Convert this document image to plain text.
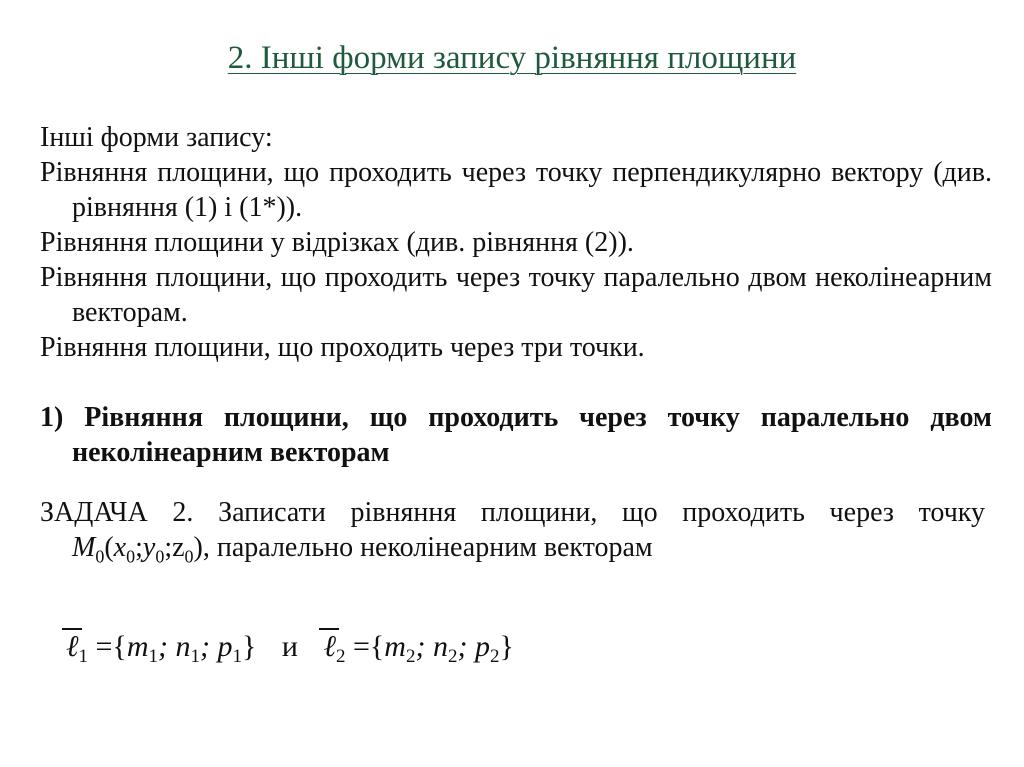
2. Інші форми запису рівняння площини

Інші форми запису:

Рівняння площини, що проходить через точку перпендикулярно вектору (див. рівняння (1) і (1*)).

Рівняння площини у відрізках (див. рівняння (2)).

Рівняння площини, що проходить через точку паралельно двом неколінеарним векторам.

Рівняння площини, що проходить через три точки.

1) Рівняння площини, що проходить через точку паралельно двом неколінеарним векторам

ЗАДАЧА 2. Записати рівняння площини, що проходить через точку  $M_0(x_0;y_0;z_0)$, паралельно неколінеарним векторам

ℓ$_1$ $=\{m_1$; $n_1$; $p_1$} и ℓ$_2$ $=\{m_2$; $n_2$; $p_2$}
